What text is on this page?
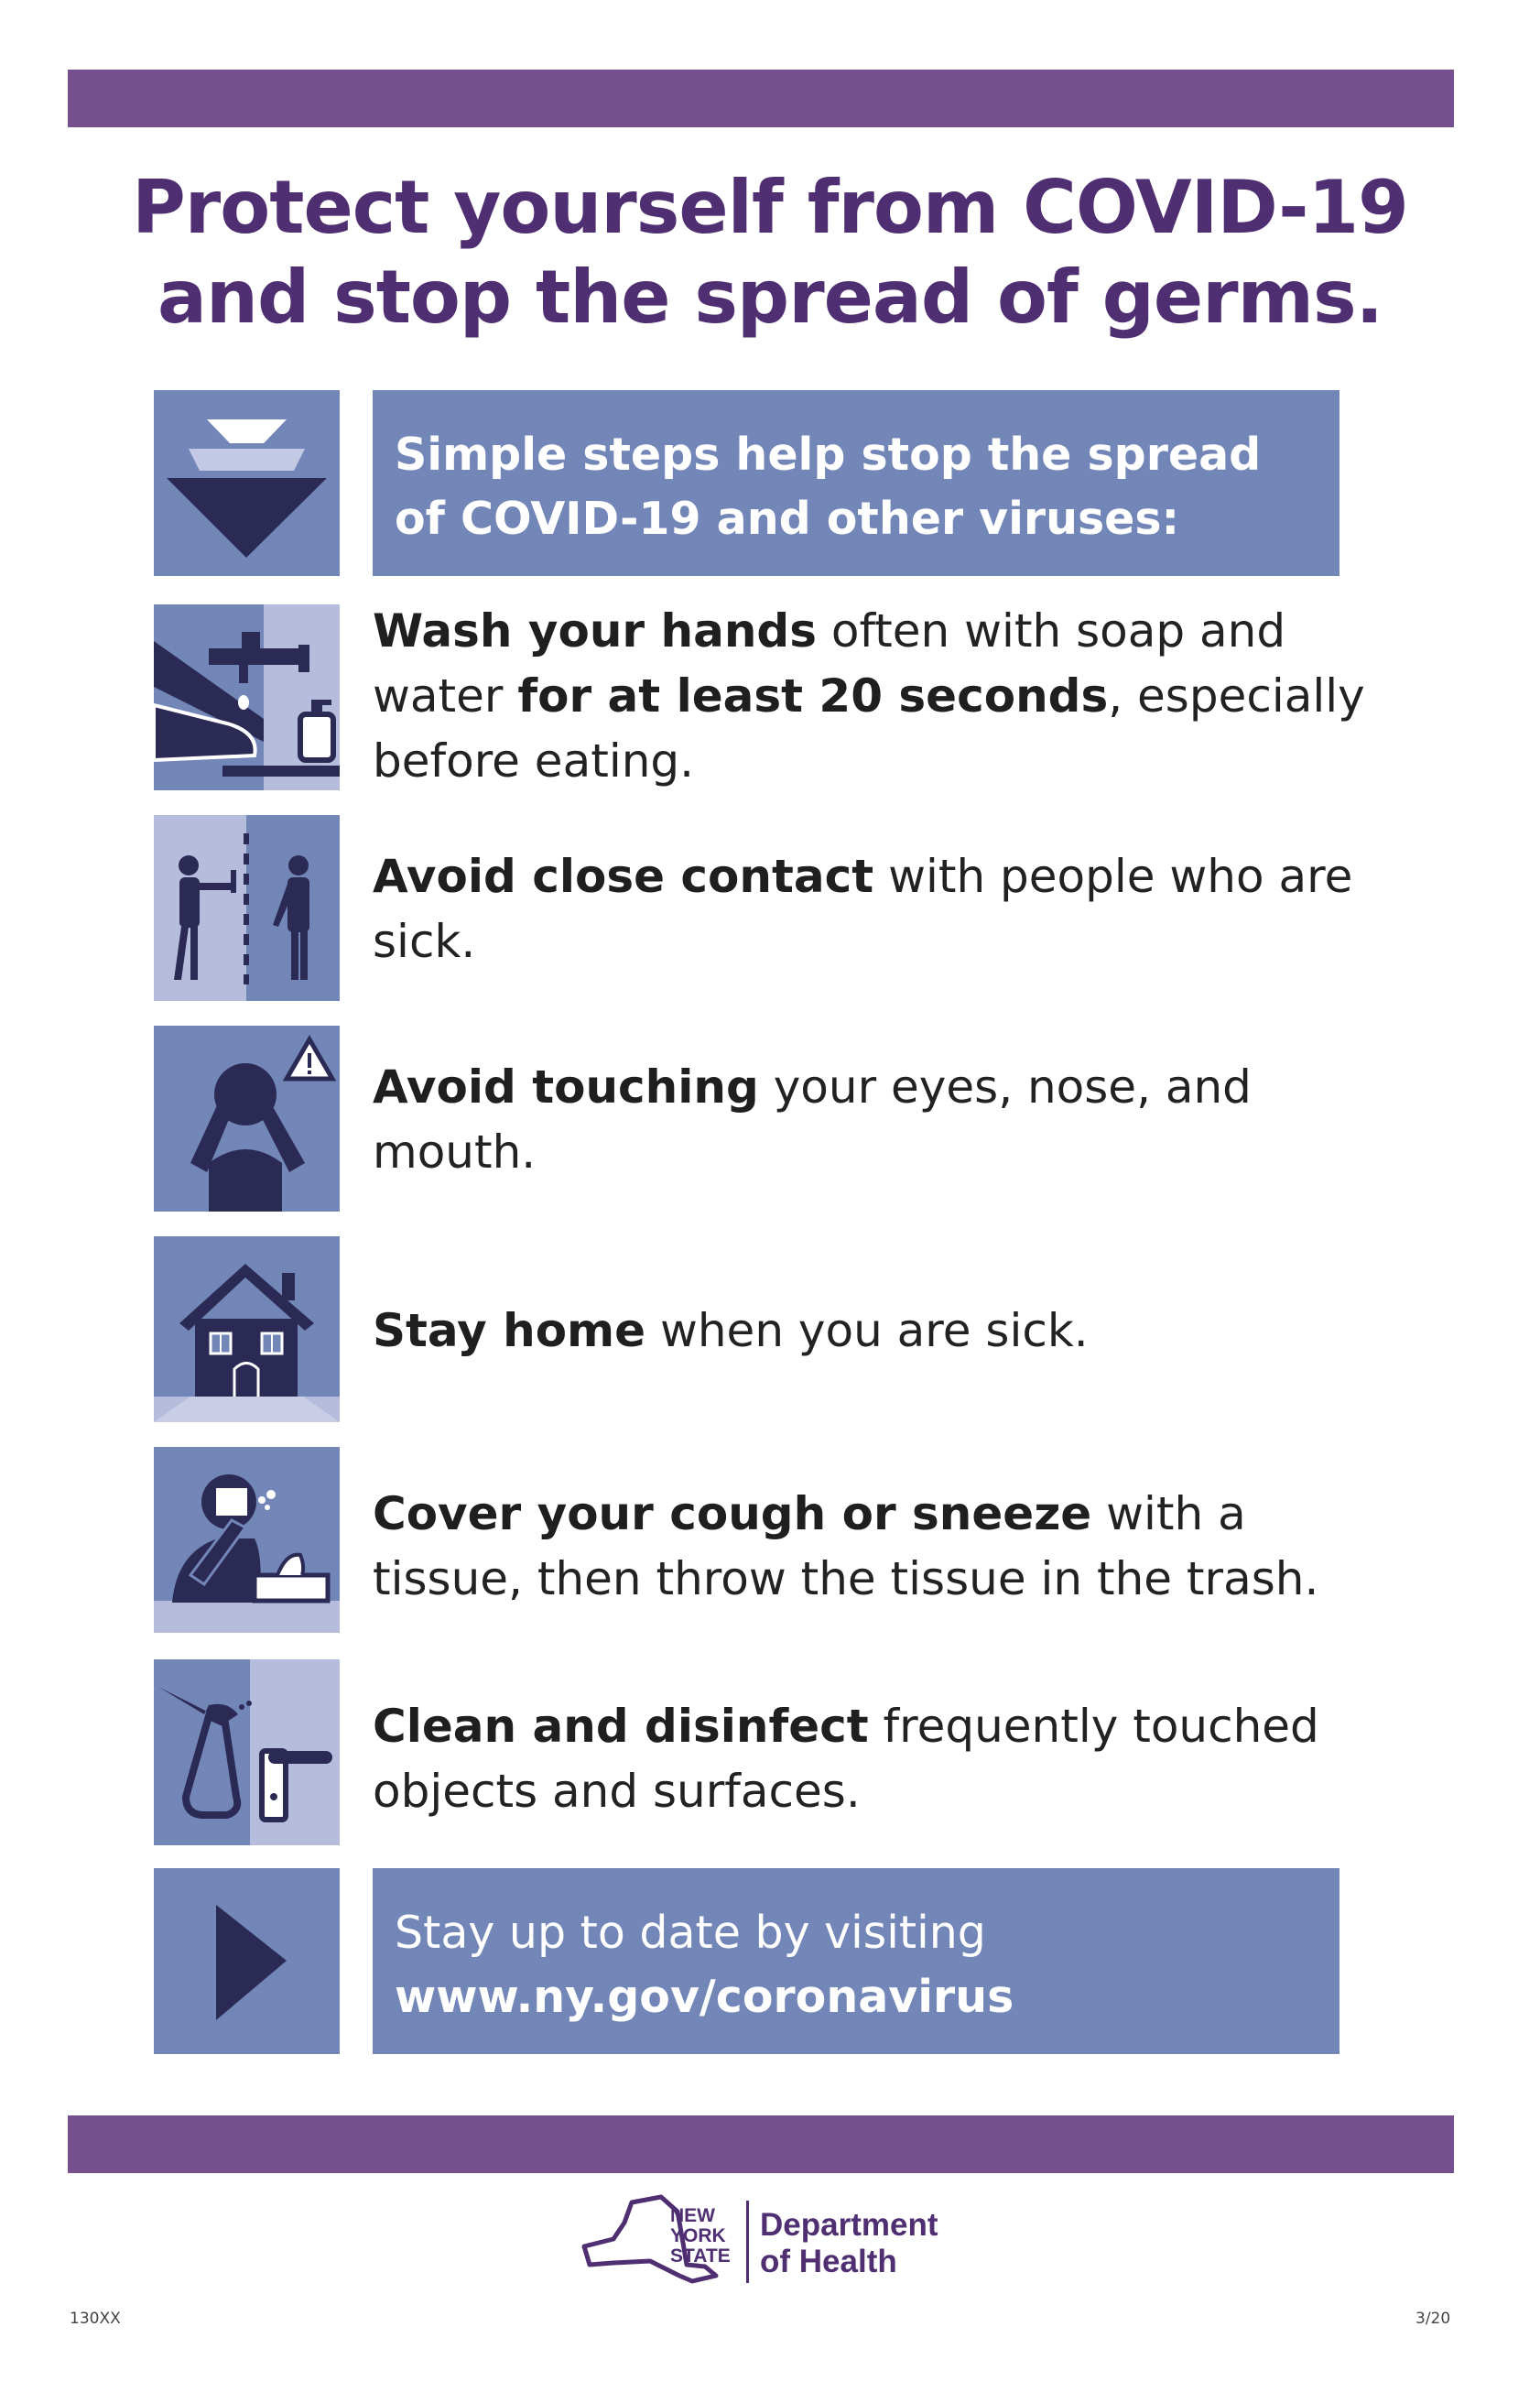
Protect yourself from COVID-19
and stop the spread of germs.
Simple steps help stop the spread
of COVID-19 and other viruses:
Wash your hands often with soap and water for at least 20 seconds, especially before eating.
Avoid close contact with people who are sick.
Avoid touching your eyes, nose, and mouth.
Stay home when you are sick.
Cover your cough or sneeze with a tissue, then throw the tissue in the trash.
Clean and disinfect frequently touched objects and surfaces.
Stay up to date by visiting
www.ny.gov/coronavirus
NEW
YORK
STATE
Department
of Health
130XX	3/20
